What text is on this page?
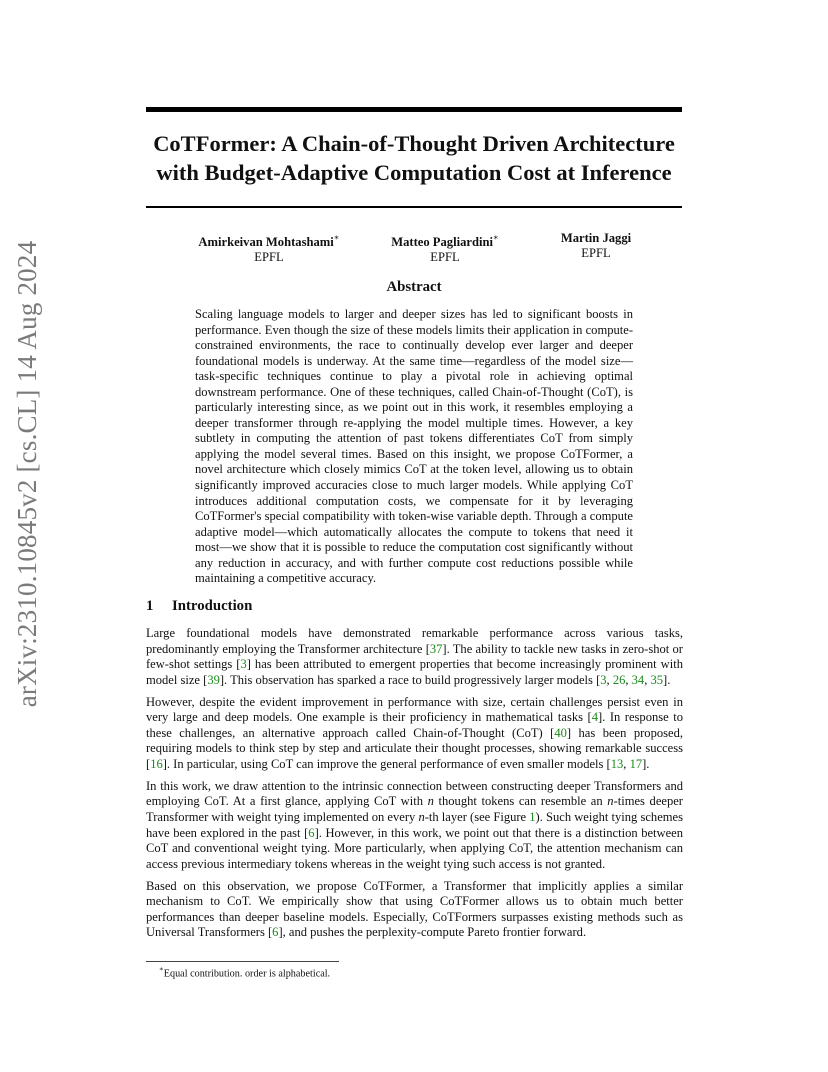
arXiv:2310.10845v2 [cs.CL] 14 Aug 2024
CoTFormer: A Chain-of-Thought Driven Architecture
with Budget-Adaptive Computation Cost at Inference
Amirkeivan Mohtashami∗
EPFL
Matteo Pagliardini∗
EPFL
Martin Jaggi
EPFL
Abstract

Scaling language models to larger and deeper sizes has led to significant boosts in performance. Even though the size of these models limits their application in compute-constrained environments, the race to continually develop ever larger and deeper foundational models is underway. At the same time—regardless of the model size—task-specific techniques continue to play a pivotal role in achieving optimal downstream performance. One of these techniques, called Chain-of-Thought (CoT), is particularly interesting since, as we point out in this work, it resembles employing a deeper transformer through re-applying the model multiple times. However, a key subtlety in computing the attention of past tokens differentiates CoT from simply applying the model several times. Based on this insight, we propose CoTFormer, a novel architecture which closely mimics CoT at the token level, allowing us to obtain significantly improved accuracies close to much larger models. While applying CoT introduces additional computation costs, we compensate for it by leveraging CoTFormer's special compatibility with token-wise variable depth. Through a compute adaptive model—which automatically allocates the compute to tokens that need it most—we show that it is possible to reduce the computation cost significantly without any reduction in accuracy, and with further compute cost reductions possible while maintaining a competitive accuracy.

1 Introduction

Large foundational models have demonstrated remarkable performance across various tasks, predominantly employing the Transformer architecture [37]. The ability to tackle new tasks in zero-shot or few-shot settings [3] has been attributed to emergent properties that become increasingly prominent with model size [39]. This observation has sparked a race to build progressively larger models [3, 26, 34, 35].

However, despite the evident improvement in performance with size, certain challenges persist even in very large and deep models. One example is their proficiency in mathematical tasks [4]. In response to these challenges, an alternative approach called Chain-of-Thought (CoT) [40] has been proposed, requiring models to think step by step and articulate their thought processes, showing remarkable success [16]. In particular, using CoT can improve the general performance of even smaller models [13, 17].

In this work, we draw attention to the intrinsic connection between constructing deeper Transformers and employing CoT. At a first glance, applying CoT with n thought tokens can resemble an n-times deeper Transformer with weight tying implemented on every n-th layer (see Figure 1). Such weight tying schemes have been explored in the past [6]. However, in this work, we point out that there is a distinction between CoT and conventional weight tying. More particularly, when applying CoT, the attention mechanism can access previous intermediary tokens whereas in the weight tying such access is not granted.

Based on this observation, we propose CoTFormer, a Transformer that implicitly applies a similar mechanism to CoT. We empirically show that using CoTFormer allows us to obtain much better performances than deeper baseline models. Especially, CoTFormers surpasses existing methods such as Universal Transformers [6], and pushes the perplexity-compute Pareto frontier forward.

∗Equal contribution. order is alphabetical.
